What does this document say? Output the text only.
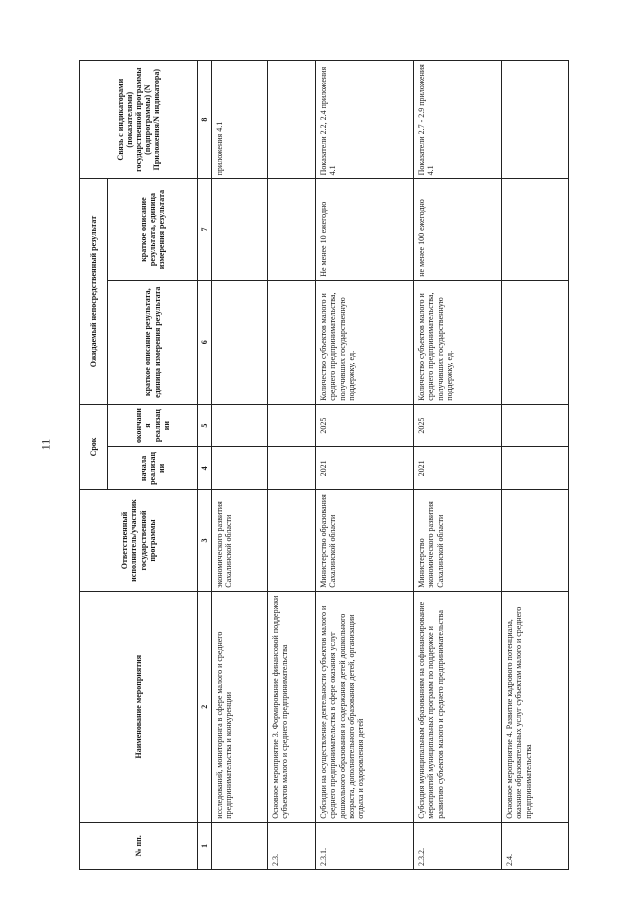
11
№ пп.	Наименование мероприятия	Ответственный исполнитель/участник государственной программы	Срок		Ожидаемый непосредственный результат		Связь с индикаторами (показателями) государственной программы (подпрограммы) (N Приложения/N индикатора)
			начала реализации	окончания реализации	краткое описание результата, единица измерения результата	краткое описание результата, единица измерения результата	
1	2	3	4	5	6	7	8
	исследований, мониторинга в сфере малого и среднего предпринимательства и конкуренции	экономического развития Сахалинской области					приложения 4.1
2.3.	Основное мероприятие 3. Формирование финансовой поддержки субъектов малого и среднего предпринимательства						
2.3.1.	Субсидии на осуществление деятельности субъектов малого и среднего предпринимательства в сфере оказания услуг дошкольного образования и содержания детей дошкольного возраста, дополнительного образования детей, организации отдыха и оздоровления детей	Министерство образования Сахалинской области	2021	2025	Количество субъектов малого и среднего предпринимательства, получивших государственную поддержку, ед.	Не менее 10 ежегодно	Показатели 2.2, 2.4 приложения 4.1
2.3.2.	Субсидия муниципальным образованиям на софинансирование мероприятий муниципальных программ по поддержке и развитию субъектов малого и среднего предпринимательства	Министерство экономического развития Сахалинской области	2021	2025	Количество субъектов малого и среднего предпринимательства, получивших государственную поддержку, ед.	не менее 100 ежегодно	Показатели 2.7 - 2.9 приложения 4.1
2.4.	Основное мероприятие 4. Развитие кадрового потенциала, оказание образовательных услуг субъектам малого и среднего предпринимательства						
